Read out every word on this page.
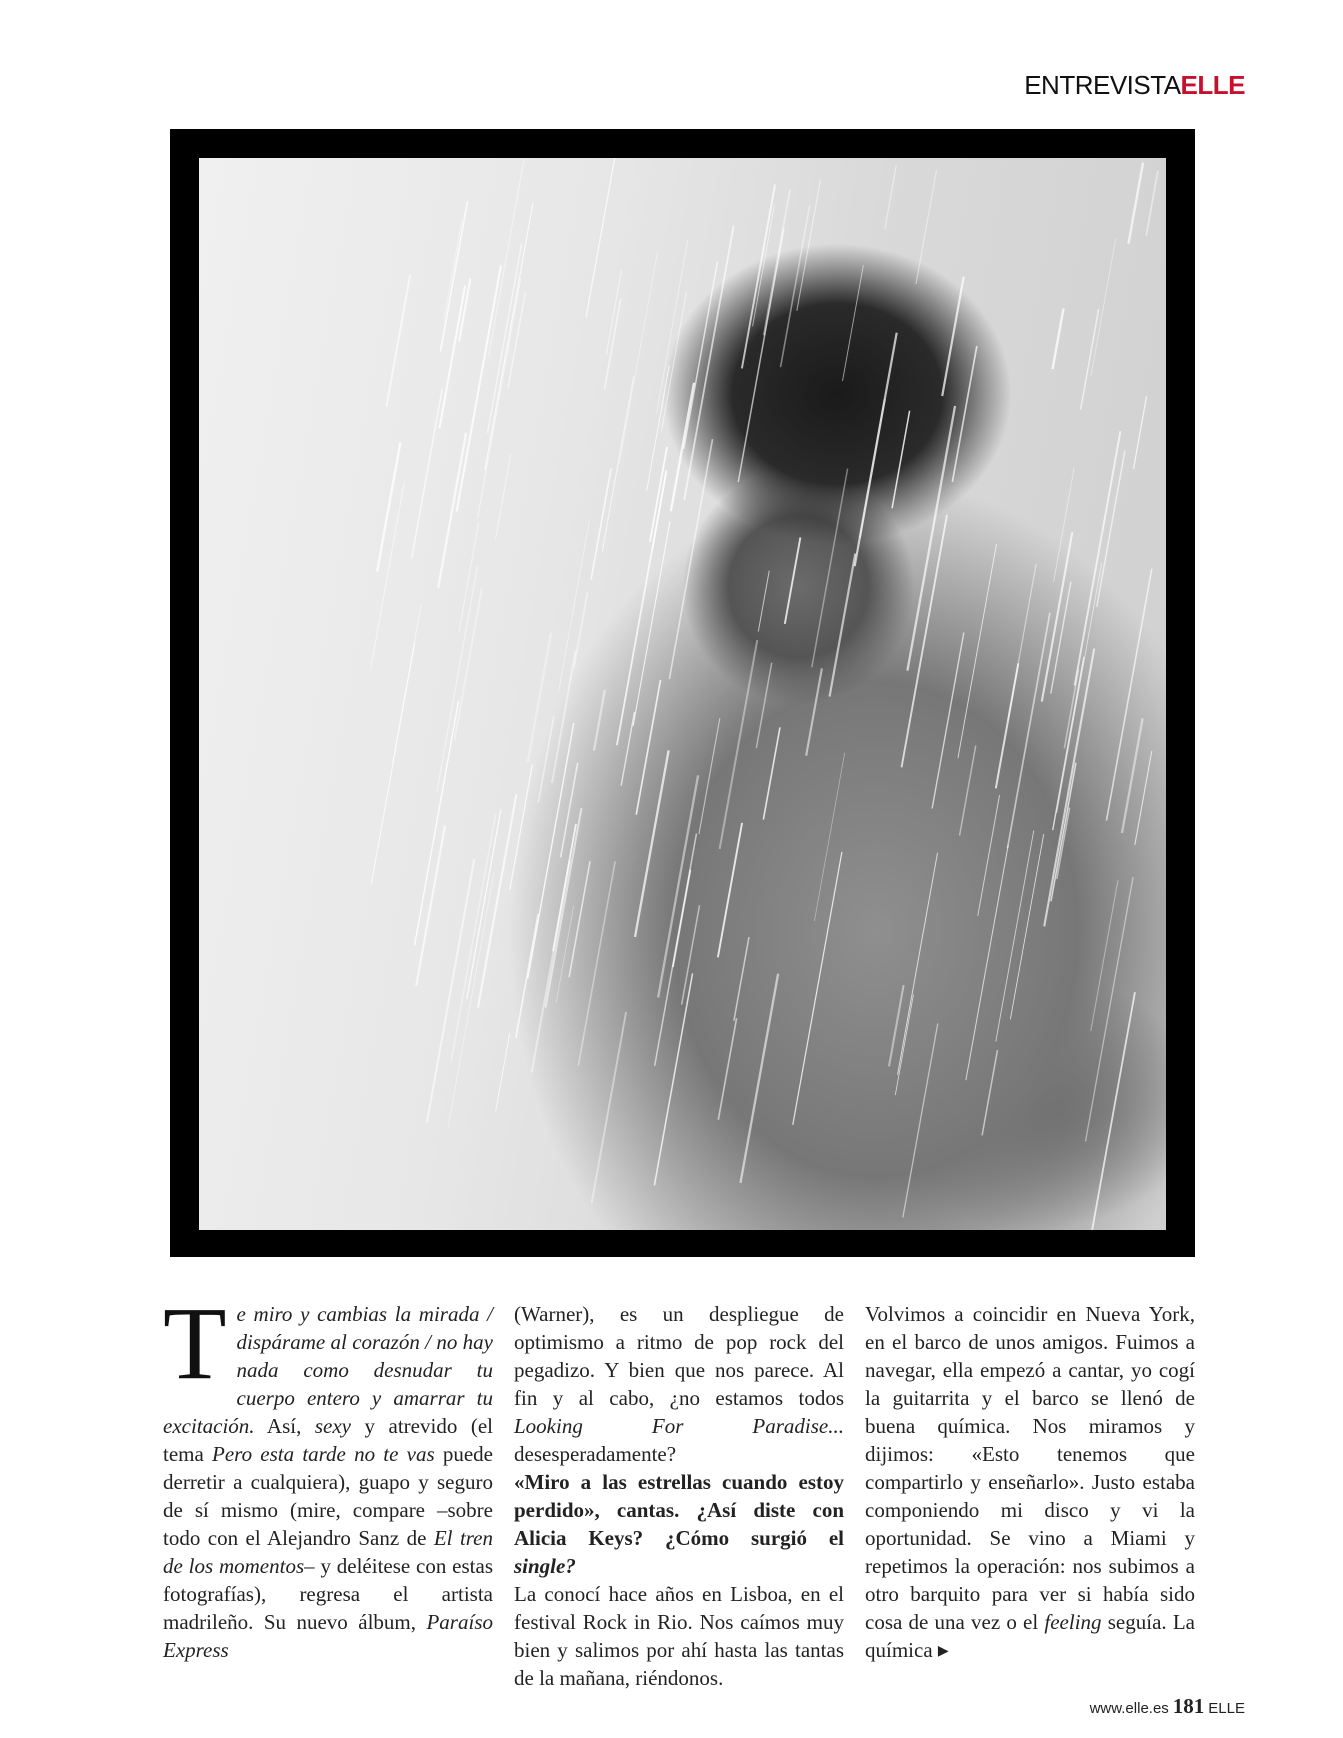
ENTREVISTAELLE

Te miro y cambias la mirada / dispárame al corazón / no hay nada como desnudar tu cuerpo entero y amarrar tu excitación. Así, sexy y atrevido (el tema Pero esta tarde no te vas puede derretir a cualquiera), guapo y seguro de sí mismo (mire, compare –sobre todo con el Alejandro Sanz de El tren de los momentos– y deléitese con estas fotografías), regresa el artista madrileño. Su nuevo álbum, Paraíso Express

(Warner), es un despliegue de optimismo a ritmo de pop rock del pegadizo. Y bien que nos parece. Al fin y al cabo, ¿no estamos todos Looking For Paradise... desesperadamente?

«Miro a las estrellas cuando estoy perdido», cantas. ¿Así diste con Alicia Keys? ¿Cómo surgió el single?

La conocí hace años en Lisboa, en el festival Rock in Rio. Nos caímos muy bien y salimos por ahí hasta las tantas de la mañana, riéndonos.

Volvimos a coincidir en Nueva York, en el barco de unos amigos. Fuimos a navegar, ella empezó a cantar, yo cogí la guitarrita y el barco se llenó de buena química. Nos miramos y dijimos: «Esto tenemos que compartirlo y enseñarlo». Justo estaba componiendo mi disco y vi la oportunidad. Se vino a Miami y repetimos la operación: nos subimos a otro barquito para ver si había sido cosa de una vez o el feeling seguía. La química ▶

www.elle.es 181 ELLE
